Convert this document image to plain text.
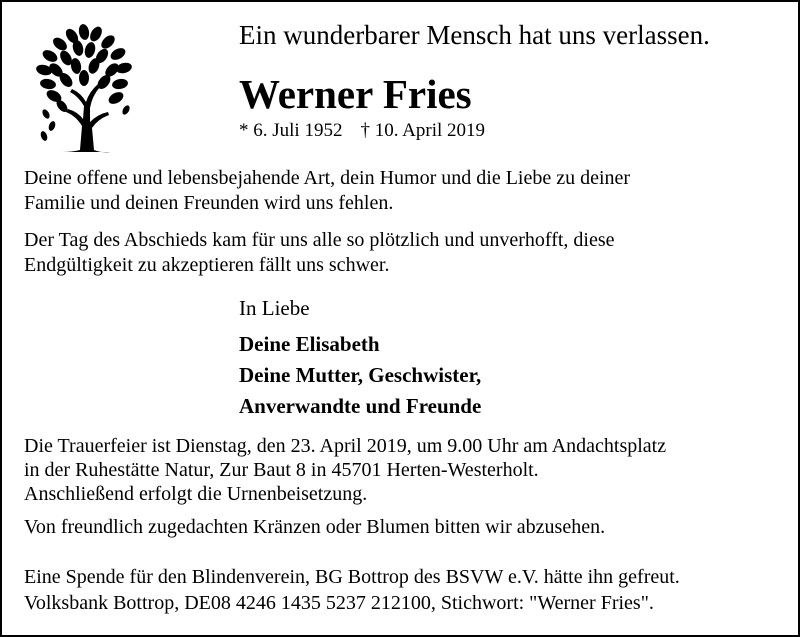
Ein wunderbarer Mensch hat uns verlassen.
Werner Fries
* 6. Juli 1952 † 10. April 2019
Deine offene und lebensbejahende Art, dein Humor und die Liebe zu deiner
Familie und deinen Freunden wird uns fehlen.
Der Tag des Abschieds kam für uns alle so plötzlich und unverhofft, diese
Endgültigkeit zu akzeptieren fällt uns schwer.
In Liebe
Deine Elisabeth
Deine Mutter, Geschwister,
Anverwandte und Freunde
Die Trauerfeier ist Dienstag, den 23. April 2019, um 9.00 Uhr am Andachtsplatz
in der Ruhestätte Natur, Zur Baut 8 in 45701 Herten-Westerholt.
Anschließend erfolgt die Urnenbeisetzung.
Von freundlich zugedachten Kränzen oder Blumen bitten wir abzusehen.
Eine Spende für den Blindenverein, BG Bottrop des BSVW e.V. hätte ihn gefreut.
Volksbank Bottrop, DE08 4246 1435 5237 212100, Stichwort: "Werner Fries".
